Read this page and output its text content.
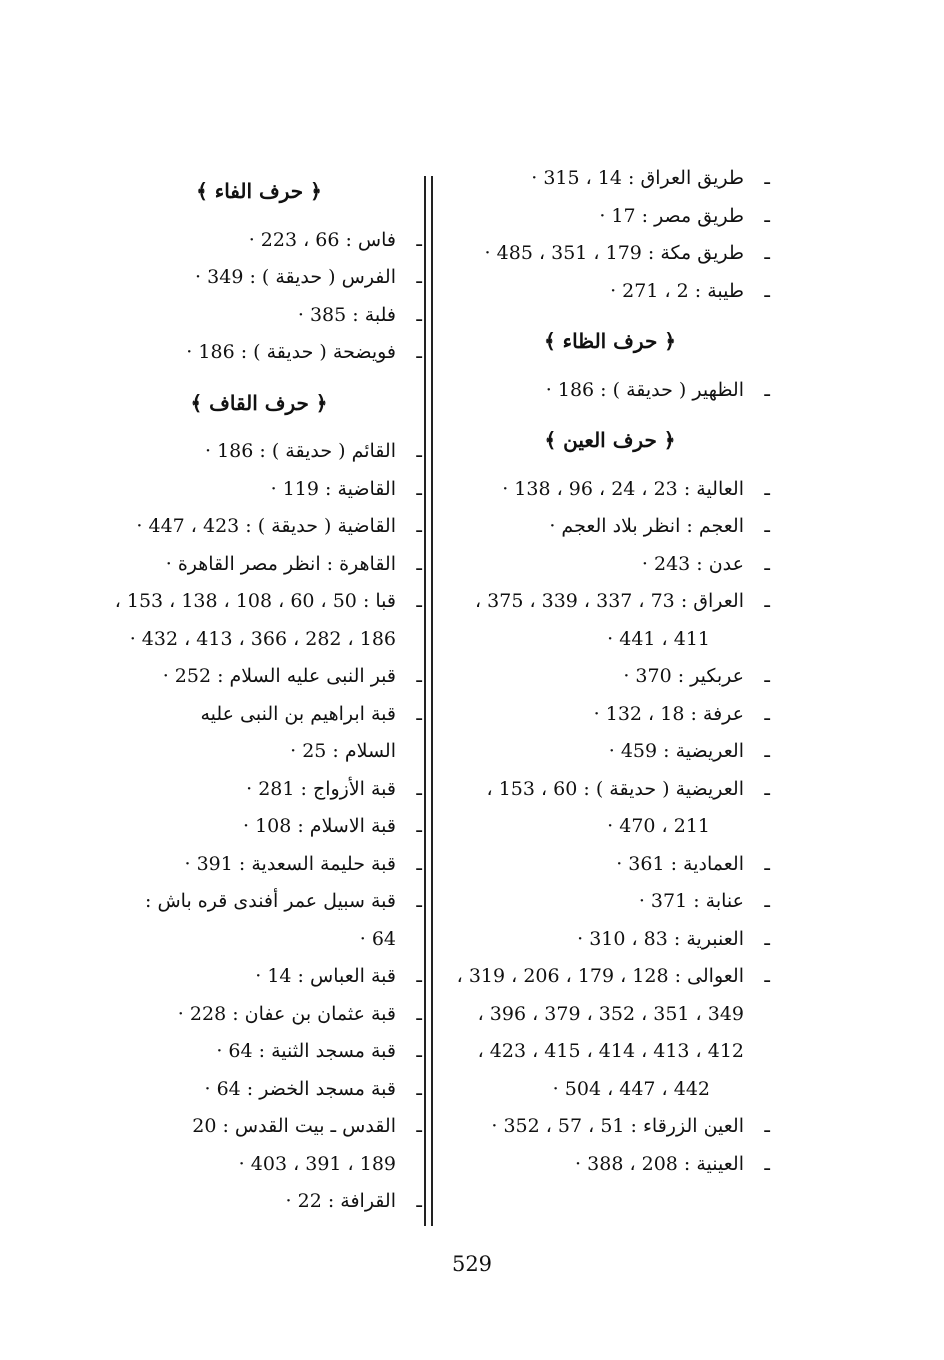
ـ
طريق العراق : 14 ، 315 ·
ـ
طريق مصر : 17 ·
ـ
طريق مكة : 179 ، 351 ، 485 ·
ـ
طيبة : 2 ، 271 ·
﴿ حرف الظاء ﴾
ـ
الظهير ( حديقة ) : 186 ·
﴿ حرف العين ﴾
ـ
العالية : 23 ، 24 ، 96 ، 138 ·
ـ
العجم : انظر بلاد العجم ·
ـ
عدن : 243 ·
ـ
العراق : 73 ، 337 ، 339 ، 375 ،
411 ، 441 ·
ـ
عربكير : 370 ·
ـ
عرفة : 18 ، 132 ·
ـ
العريضية : 459 ·
ـ
العريضية ( حديقة ) : 60 ، 153 ،
211 ، 470 ·
ـ
العمادية : 361 ·
ـ
عنابة : 371 ·
ـ
العنبرية : 83 ، 310 ·
ـ
العوالى : 128 ، 179 ، 206 ، 319 ،
349 ، 351 ، 352 ، 379 ، 396 ،
412 ، 413 ، 414 ، 415 ، 423 ،
442 ، 447 ، 504 ·
ـ
العين الزرقاء : 51 ، 57 ، 352 ·
ـ
العينية : 208 ، 388 ·
﴿ حرف الفاء ﴾
ـ
فاس : 66 ، 223 ·
ـ
الفرس ( حديقة ) : 349 ·
ـ
فلبة : 385 ·
ـ
فويضحة ( حديقة ) : 186 ·
﴿ حرف القاف ﴾
ـ
القائم ( حديقة ) : 186 ·
ـ
القاضية : 119 ·
ـ
القاضية ( حديقة ) : 423 ، 447 ·
ـ
القاهرة : انظر مصر القاهرة ·
ـ
قبا : 50 ، 60 ، 108 ، 138 ، 153 ،
186 ، 282 ، 366 ، 413 ، 432 ·
ـ
قبر النبى عليه السلام : 252 ·
ـ
قبة ابراهيم بن النبى عليه
السلام : 25 ·
ـ
قبة الأزواج : 281 ·
ـ
قبة الاسلام : 108 ·
ـ
قبة حليمة السعدية : 391 ·
ـ
قبة سبيل عمر أفندى قره باش :
64 ·
ـ
قبة العباس : 14 ·
ـ
قبة عثمان بن عفان : 228 ·
ـ
قبة مسجد الثنية : 64 ·
ـ
قبة مسجد الخضر : 64 ·
ـ
القدس ـ بيت القدس : 20
189 ، 391 ، 403 ·
ـ
القرافة : 22 ·
529
